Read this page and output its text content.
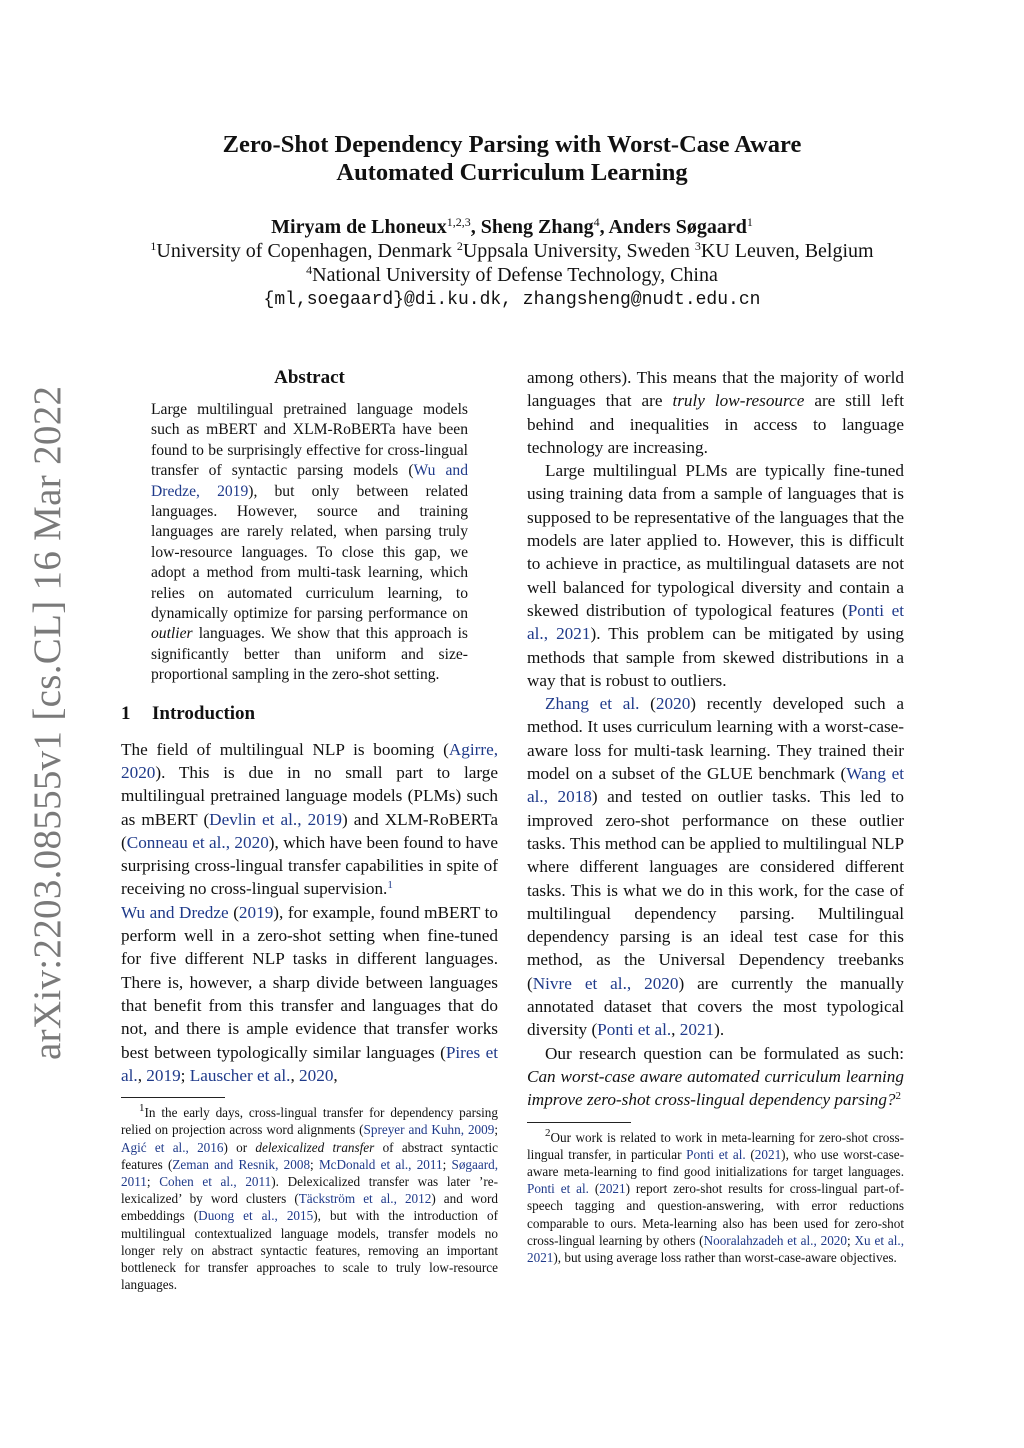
arXiv:2203.08555v1 [cs.CL] 16 Mar 2022
Zero-Shot Dependency Parsing with Worst-Case Aware
Automated Curriculum Learning
Miryam de Lhoneux$^{1,2,3}$, Sheng Zhang$^4$, Anders Søgaard$^1$
$^1$University of Copenhagen, Denmark $^2$Uppsala University, Sweden $^3$KU Leuven, Belgium
$^4$National University of Defense Technology, China
{ml,soegaard}@di.ku.dk, zhangsheng@nudt.edu.cn
Abstract

Large multilingual pretrained language models such as mBERT and XLM-RoBERTa have been found to be surprisingly effective for cross-lingual transfer of syntactic parsing models (Wu and Dredze, 2019), but only between related languages. However, source and training languages are rarely related, when parsing truly low-resource languages. To close this gap, we adopt a method from multi-task learning, which relies on automated curriculum learning, to dynamically optimize for parsing performance on outlier languages. We show that this approach is significantly better than uniform and size-proportional sampling in the zero-shot setting.

1 Introduction

The field of multilingual NLP is booming (Agirre, 2020). This is due in no small part to large multilingual pretrained language models (PLMs) such as mBERT (Devlin et al., 2019) and XLM-RoBERTa (Conneau et al., 2020), which have been found to have surprising cross-lingual transfer capabilities in spite of receiving no cross-lingual supervision.$^1$
Wu and Dredze (2019), for example, found mBERT to perform well in a zero-shot setting when fine-tuned for five different NLP tasks in different languages. There is, however, a sharp divide between languages that benefit from this transfer and languages that do not, and there is ample evidence that transfer works best between typologically similar languages (Pires et al., 2019; Lauscher et al., 2020,

$^1$In the early days, cross-lingual transfer for dependency parsing relied on projection across word alignments (Spreyer and Kuhn, 2009; Agić et al., 2016) or delexicalized transfer of abstract syntactic features (Zeman and Resnik, 2008; McDonald et al., 2011; Søgaard, 2011; Cohen et al., 2011). Delexicalized transfer was later ’re-lexicalized’ by word clusters (Täckström et al., 2012) and word embeddings (Duong et al., 2015), but with the introduction of multilingual contextualized language models, transfer models no longer rely on abstract syntactic features, removing an important bottleneck for transfer approaches to scale to truly low-resource languages.

among others). This means that the majority of world languages that are truly low-resource are still left behind and inequalities in access to language technology are increasing.

Large multilingual PLMs are typically fine-tuned using training data from a sample of languages that is supposed to be representative of the languages that the models are later applied to. However, this is difficult to achieve in practice, as multilingual datasets are not well balanced for typological diversity and contain a skewed distribution of typological features (Ponti et al., 2021). This problem can be mitigated by using methods that sample from skewed distributions in a way that is robust to outliers.

Zhang et al. (2020) recently developed such a method. It uses curriculum learning with a worst-case-aware loss for multi-task learning. They trained their model on a subset of the GLUE benchmark (Wang et al., 2018) and tested on outlier tasks. This led to improved zero-shot performance on these outlier tasks. This method can be applied to multilingual NLP where different languages are considered different tasks. This is what we do in this work, for the case of multilingual dependency parsing. Multilingual dependency parsing is an ideal test case for this method, as the Universal Dependency treebanks (Nivre et al., 2020) are currently the manually annotated dataset that covers the most typological diversity (Ponti et al., 2021).

Our research question can be formulated as such: Can worst-case aware automated curriculum learning improve zero-shot cross-lingual dependency parsing?$^2$

$^2$Our work is related to work in meta-learning for zero-shot cross-lingual transfer, in particular Ponti et al. (2021), who use worst-case-aware meta-learning to find good initializations for target languages. Ponti et al. (2021) report zero-shot results for cross-lingual part-of-speech tagging and question-answering, with error reductions comparable to ours. Meta-learning also has been used for zero-shot cross-lingual learning by others (Nooralahzadeh et al., 2020; Xu et al., 2021), but using average loss rather than worst-case-aware objectives.
